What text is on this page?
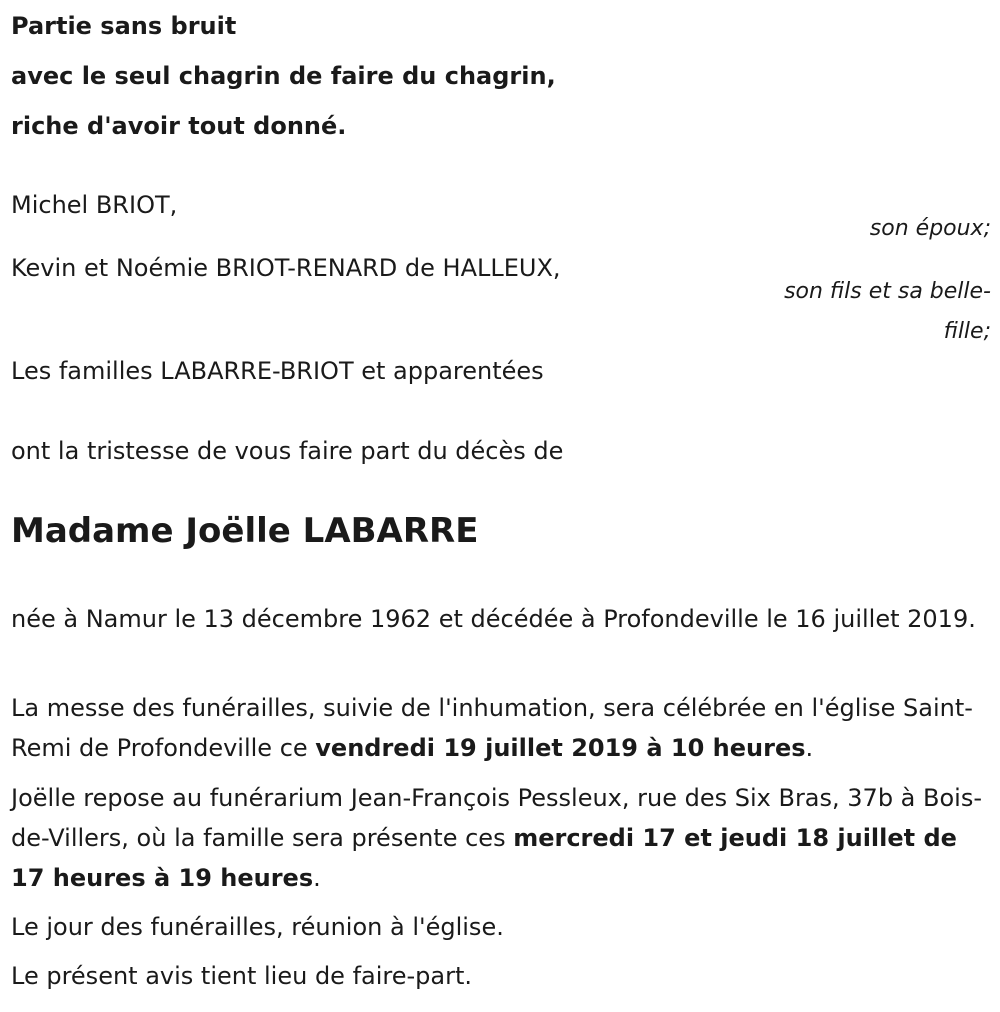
Partie sans bruit
avec le seul chagrin de faire du chagrin,
riche d'avoir tout donné.
Michel BRIOT,
son époux;
Kevin et Noémie BRIOT-RENARD de HALLEUX,
son fils et sa belle-fille;
Les familles LABARRE-BRIOT et apparentées
ont la tristesse de vous faire part du décès de
Madame Joëlle LABARRE
née à Namur le 13 décembre 1962 et décédée à Profondeville le 16 juillet 2019.
La messe des funérailles, suivie de l'inhumation, sera célébrée en l'église Saint-Remi de Profondeville ce vendredi 19 juillet 2019 à 10 heures.
Joëlle repose au funérarium Jean-François Pessleux, rue des Six Bras, 37b à Bois-de-Villers, où la famille sera présente ces mercredi 17 et jeudi 18 juillet de 17 heures à 19 heures.
Le jour des funérailles, réunion à l'église.
Le présent avis tient lieu de faire-part.
